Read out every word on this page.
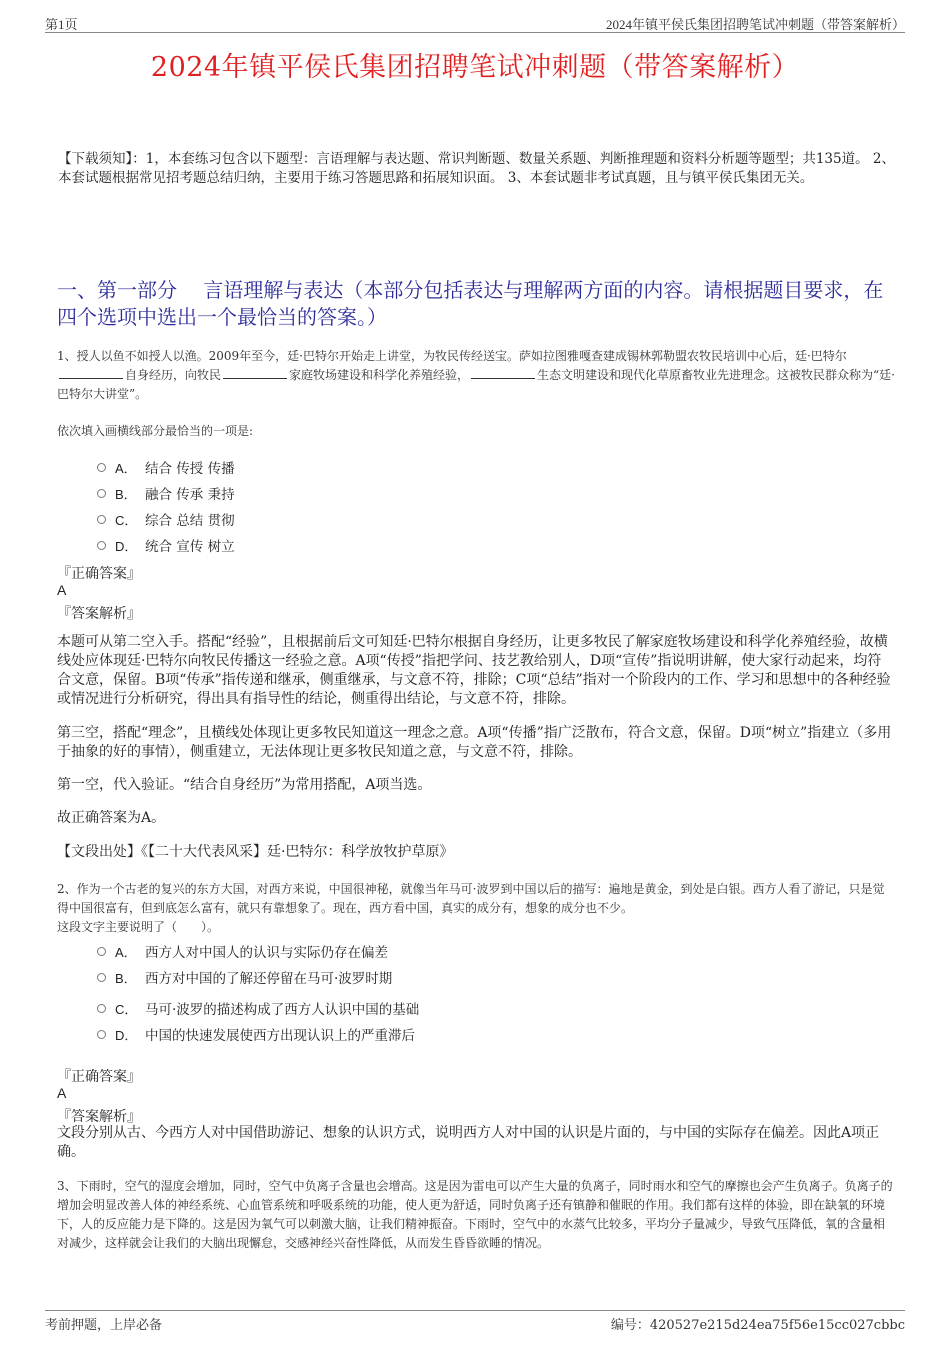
第1页	2024年镇平侯氏集团招聘笔试冲刺题（带答案解析）
2024年镇平侯氏集团招聘笔试冲刺题（带答案解析）
【下载须知】：1，本套练习包含以下题型：言语理解与表达题、常识判断题、数量关系题、判断推理题和资料分析题等题型；共135道。 2、本套试题根据常见招考题总结归纳，主要用于练习答题思路和拓展知识面。 3、本套试题非考试真题，且与镇平侯氏集团无关。
一、第一部分　 言语理解与表达（本部分包括表达与理解两方面的内容。请根据题目要求，在四个选项中选出一个最恰当的答案。）
1、授人以鱼不如授人以渔。2009年至今，廷·巴特尔开始走上讲堂，为牧民传经送宝。萨如拉图雅嘎查建成锡林郭勒盟农牧民培训中心后，廷·巴特尔自身经历，向牧民	家庭牧场建设和科学化养殖经验，	生态文明建设和现代化草原畜牧业先进理念。这被牧民群众称为“廷·巴特尔大讲堂”。
依次填入画横线部分最恰当的一项是:
A． 结合 传授 传播
B． 融合 传承 秉持
C． 综合 总结 贯彻
D． 统合 宣传 树立
『正确答案』
A
『答案解析』
本题可从第二空入手。搭配“经验”，且根据前后文可知廷·巴特尔根据自身经历，让更多牧民了解家庭牧场建设和科学化养殖经验，故横线处应体现廷·巴特尔向牧民传播这一经验之意。A项“传授”指把学问、技艺教给别人，D项“宣传”指说明讲解，使大家行动起来，均符合文意，保留。B项“传承”指传递和继承，侧重继承，与文意不符，排除；C项“总结”指对一个阶段内的工作、学习和思想中的各种经验或情况进行分析研究，得出具有指导性的结论，侧重得出结论，与文意不符，排除。
第三空，搭配“理念”，且横线处体现让更多牧民知道这一理念之意。A项“传播”指广泛散布，符合文意，保留。D项“树立”指建立（多用于抽象的好的事情），侧重建立，无法体现让更多牧民知道之意，与文意不符，排除。
第一空，代入验证。“结合自身经历”为常用搭配，A项当选。
故正确答案为A。
【文段出处】《【二十大代表风采】廷·巴特尔：科学放牧护草原》
2、作为一个古老的复兴的东方大国，对西方来说，中国很神秘，就像当年马可·波罗到中国以后的描写：遍地是黄金，到处是白银。西方人看了游记，只是觉得中国很富有，但到底怎么富有，就只有靠想象了。现在，西方看中国，真实的成分有，想象的成分也不少。
这段文字主要说明了（　　）。
A． 西方人对中国人的认识与实际仍存在偏差
B． 西方对中国的了解还停留在马可·波罗时期
C． 马可·波罗的描述构成了西方人认识中国的基础
D． 中国的快速发展使西方出现认识上的严重滞后
『正确答案』
A
『答案解析』
文段分别从古、今西方人对中国借助游记、想象的认识方式，说明西方人对中国的认识是片面的，与中国的实际存在偏差。因此A项正确。
3、下雨时，空气的湿度会增加，同时，空气中负离子含量也会增高。这是因为雷电可以产生大量的负离子，同时雨水和空气的摩擦也会产生负离子。负离子的增加会明显改善人体的神经系统、心血管系统和呼吸系统的功能，使人更为舒适，同时负离子还有镇静和催眠的作用。我们都有这样的体验，即在缺氧的环境下，人的反应能力是下降的。这是因为氧气可以刺激大脑，让我们精神振奋。下雨时，空气中的水蒸气比较多，平均分子量减少，导致气压降低，氧的含量相对减少，这样就会让我们的大脑出现懈怠，交感神经兴奋性降低，从而发生昏昏欲睡的情况。
考前押题，上岸必备	编号：420527e215d24ea75f56e15cc027cbbc
